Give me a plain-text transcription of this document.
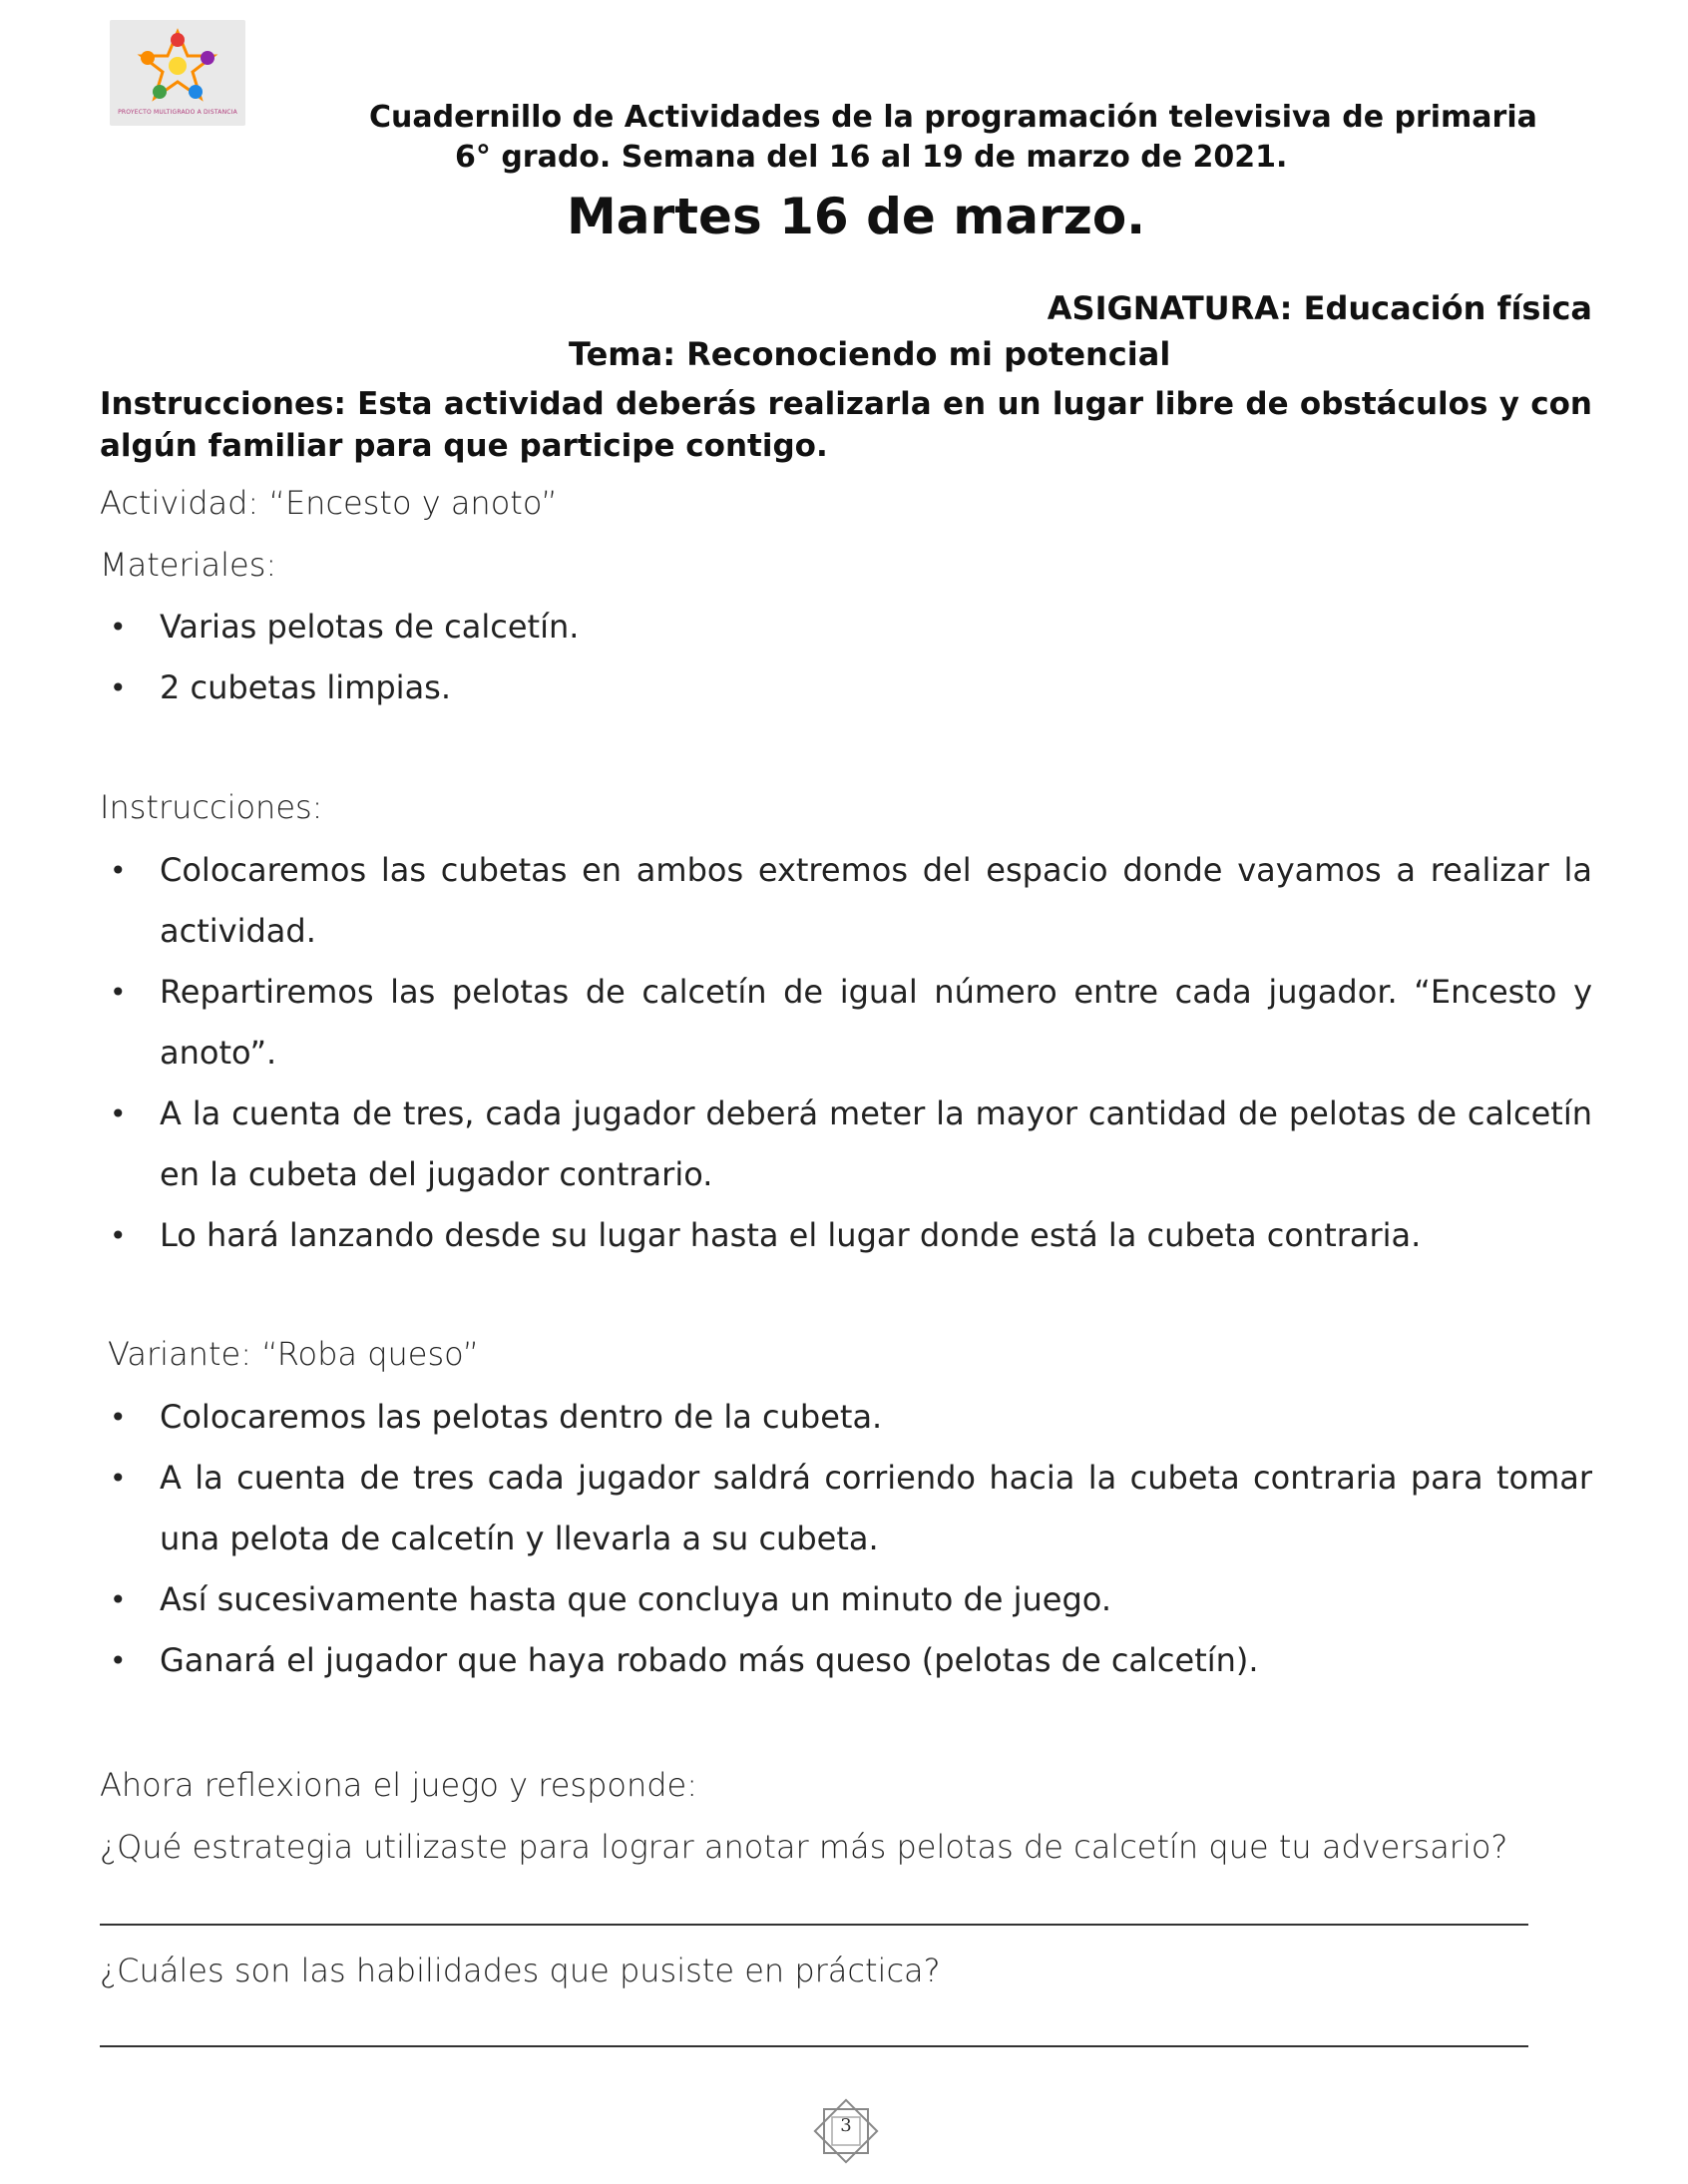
PROYECTO MULTIGRADO A DISTANCIA	Cuadernillo de Actividades de la programación televisiva de primaria
6° grado. Semana del 16 al 19 de marzo de 2021.
Martes 16 de marzo.
ASIGNATURA: Educación física
Tema: Reconociendo mi potencial
Instrucciones: Esta actividad deberás realizarla en un lugar libre de obstáculos y con algún familiar para que participe contigo.
Actividad: “Encesto y anoto”
Materiales:
• Varias pelotas de calcetín.
• 2 cubetas limpias.
Instrucciones:
• Colocaremos las cubetas en ambos extremos del espacio donde vayamos a realizar la actividad.
• Repartiremos las pelotas de calcetín de igual número entre cada jugador. “Encesto y anoto”.
• A la cuenta de tres, cada jugador deberá meter la mayor cantidad de pelotas de calcetín en la cubeta del jugador contrario.
• Lo hará lanzando desde su lugar hasta el lugar donde está la cubeta contraria.
Variante: “Roba queso”
• Colocaremos las pelotas dentro de la cubeta.
• A la cuenta de tres cada jugador saldrá corriendo hacia la cubeta contraria para tomar una pelota de calcetín y llevarla a su cubeta.
• Así sucesivamente hasta que concluya un minuto de juego.
• Ganará el jugador que haya robado más queso (pelotas de calcetín).
Ahora reflexiona el juego y responde:
¿Qué estrategia utilizaste para lograr anotar más pelotas de calcetín que tu adversario?
¿Cuáles son las habilidades que pusiste en práctica?
3
